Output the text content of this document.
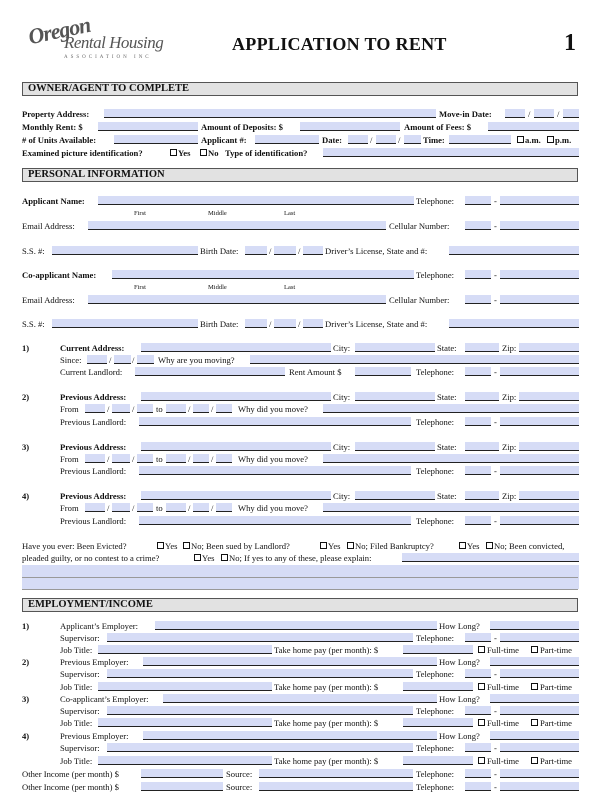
Oregon
Rental Housing
ASSOCIATION INC
APPLICATION TO RENT	1
OWNER/AGENT TO COMPLETE
Property Address:	Move-in Date:	/	/
Monthly Rent: $	Amount of Deposits: $	Amount of Fees: $
# of Units Available:	Applicant #:	Date:	/	/	Time:	a.m. p.m.
Examined picture identification?	Yes No Type of identification?
PERSONAL INFORMATION
Applicant Name:	Telephone:	-
First	Middle	Last
Email Address:	Cellular Number:	-
S.S. #:	Birth Date:	/	/	Driver’s License, State and #:
Co-applicant Name:	Telephone:	-
First	Middle	Last
Email Address:	Cellular Number:	-
S.S. #:	Birth Date:	/	/	Driver’s License, State and #:
1)	Current Address:	City:	State:	Zip:
Since:	/ /	Why are you moving?
Current Landlord:	Rent Amount $	Telephone:	-
2)	Previous Address:	City:	State:	Zip:
From	/	/	to	/ /	Why did you move?
Previous Landlord:	Telephone:	-
3)	Previous Address:	City:	State:	Zip:
From	/	/	to	/ /	Why did you move?
Previous Landlord:	Telephone:	-
4)	Previous Address:	City:	State:	Zip:
From	/	/	to	/ /	Why did you move?
Previous Landlord:	Telephone:	-
Have you ever: Been Evicted?	Yes No; Been sued by Landlord?	Yes No; Filed Bankruptcy?	Yes No; Been convicted,
pleaded guilty, or no contest to a crime?	Yes No; If yes to any of these, please explain:
EMPLOYMENT/INCOME
1)	Applicant’s Employer:	How Long?
Supervisor:	Telephone:	-
Job Title:	Take home pay (per month): $	Full-time Part-time
2)	Previous Employer:	How Long?
Supervisor:	Telephone:	-
Job Title:	Take home pay (per month): $	Full-time Part-time
3)	Co-applicant’s Employer:	How Long?
Supervisor:	Telephone:	-
Job Title:	Take home pay (per month): $	Full-time Part-time
4)	Previous Employer:	How Long?
Supervisor:	Telephone:	-
Job Title:	Take home pay (per month): $	Full-time Part-time
Other Income (per month) $	Source:	Telephone:	-
Other Income (per month) $	Source:	Telephone:	-
